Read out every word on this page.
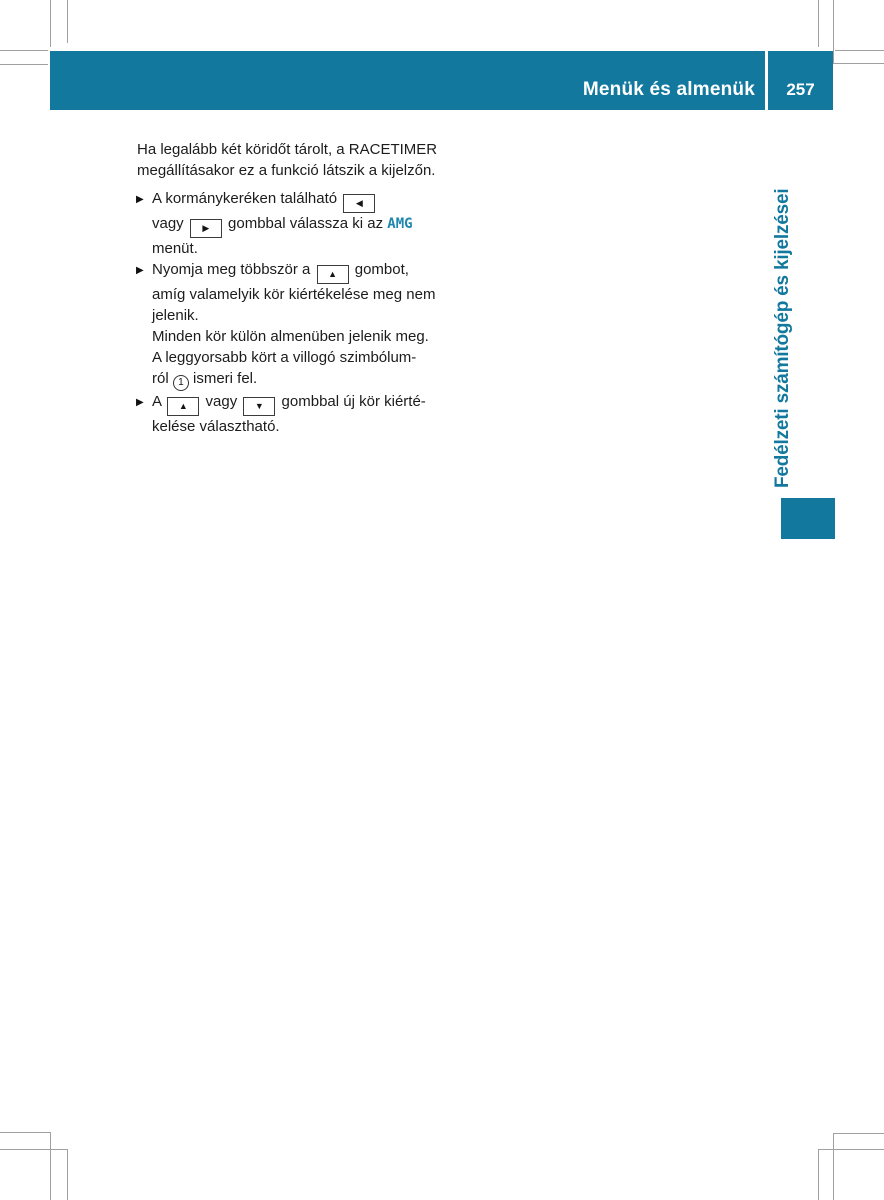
Menük és almenük	257

Ha legalább két köridőt tárolt, a RACETIMER
megállításakor ez a funkció látszik a kijelzőn.

▶ A kormánykeréken található ◀
vagy ▶ gombbal válassza ki az AMG
menüt.
▶ Nyomja meg többször a ▲ gombot,
amíg valamelyik kör kiértékelése meg nem
jelenik.
Minden kör külön almenüben jelenik meg.
A leggyorsabb kört a villogó szimbólum-
ról 1 ismeri fel.
▶ A ▲ vagy ▼ gombbal új kör kiérté-
kelése választható.	Fedélzeti számítógép és kijelzései
